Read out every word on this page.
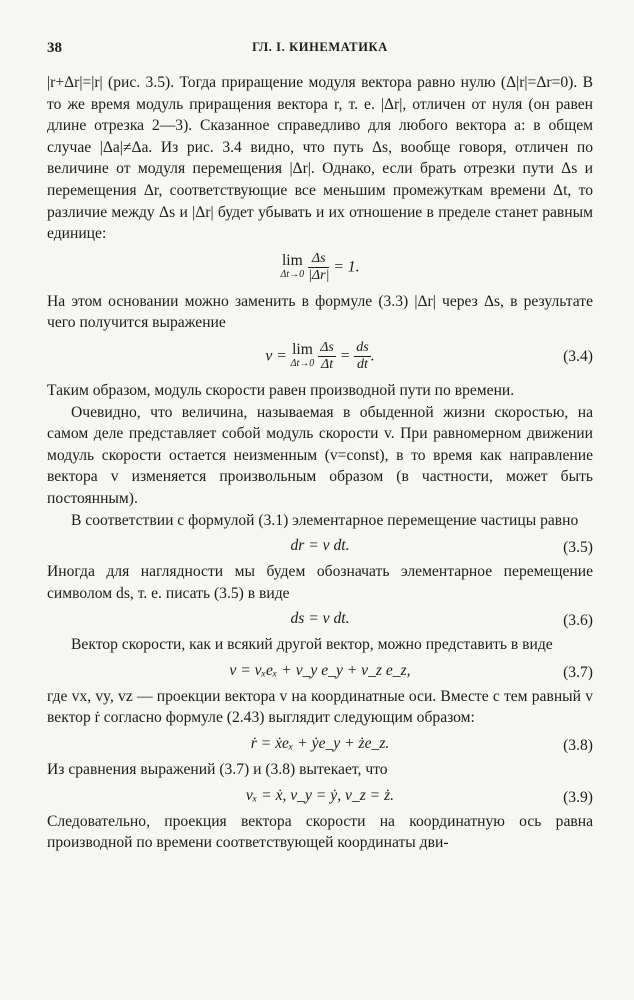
38	ГЛ. I. КИНЕМАТИКА

|r+Δr|=|r| (рис. 3.5). Тогда приращение модуля вектора равно нулю (Δ|r|=Δr=0). В то же время модуль приращения вектора r, т. е. |Δr|, отличен от нуля (он равен длине отрезка 2—3). Сказанное справедливо для любого вектора a: в общем случае |Δa|≠Δa. Из рис. 3.4 видно, что путь Δs, вообще говоря, отличен по величине от модуля перемещения |Δr|. Однако, если брать отрезки пути Δs и перемещения Δr, соответствующие все меньшим промежуткам времени Δt, то различие между Δs и |Δr| будет убывать и их отношение в пределе станет равным единице:

lim
Δt→0
$\frac{\Delta s}{|\Delta r|} = 1$.

На этом основании можно заменить в формуле (3.3) |Δr| через Δs, в результате чего получится выражение

v = lim
Δt→0
$\frac{\Delta s}{\Delta t} = \frac{ds}{dt}$ .	(3.4)

Таким образом, модуль скорости равен производной пути по времени.

Очевидно, что величина, называемая в обыденной жизни скоростью, на самом деле представляет собой модуль скорости v. При равномерном движении модуль скорости остается неизменным (v=const), в то время как направление вектора v изменяется произвольным образом (в частности, может быть постоянным).

В соответствии с формулой (3.1) элементарное перемещение частицы равно

dr = v dt.	(3.5)

Иногда для наглядности мы будем обозначать элементарное перемещение символом ds, т. е. писать (3.5) в виде

ds = v dt.	(3.6)

Вектор скорости, как и всякий другой вектор, можно представить в виде

v = vₓeₓ + v_y e_y + v_z e_z,	(3.7)

где vx, vy, vz — проекции вектора v на координатные оси. Вместе с тем равный v вектор ṙ согласно формуле (2.43) выглядит следующим образом:

ṙ = ẋeₓ + ẏe_y + że_z.	(3.8)

Из сравнения выражений (3.7) и (3.8) вытекает, что

vₓ = ẋ, v_y = ẏ, v_z = ż.	(3.9)

Следовательно, проекция вектора скорости на координатную ось равна производной по времени соответствующей координаты дви-
